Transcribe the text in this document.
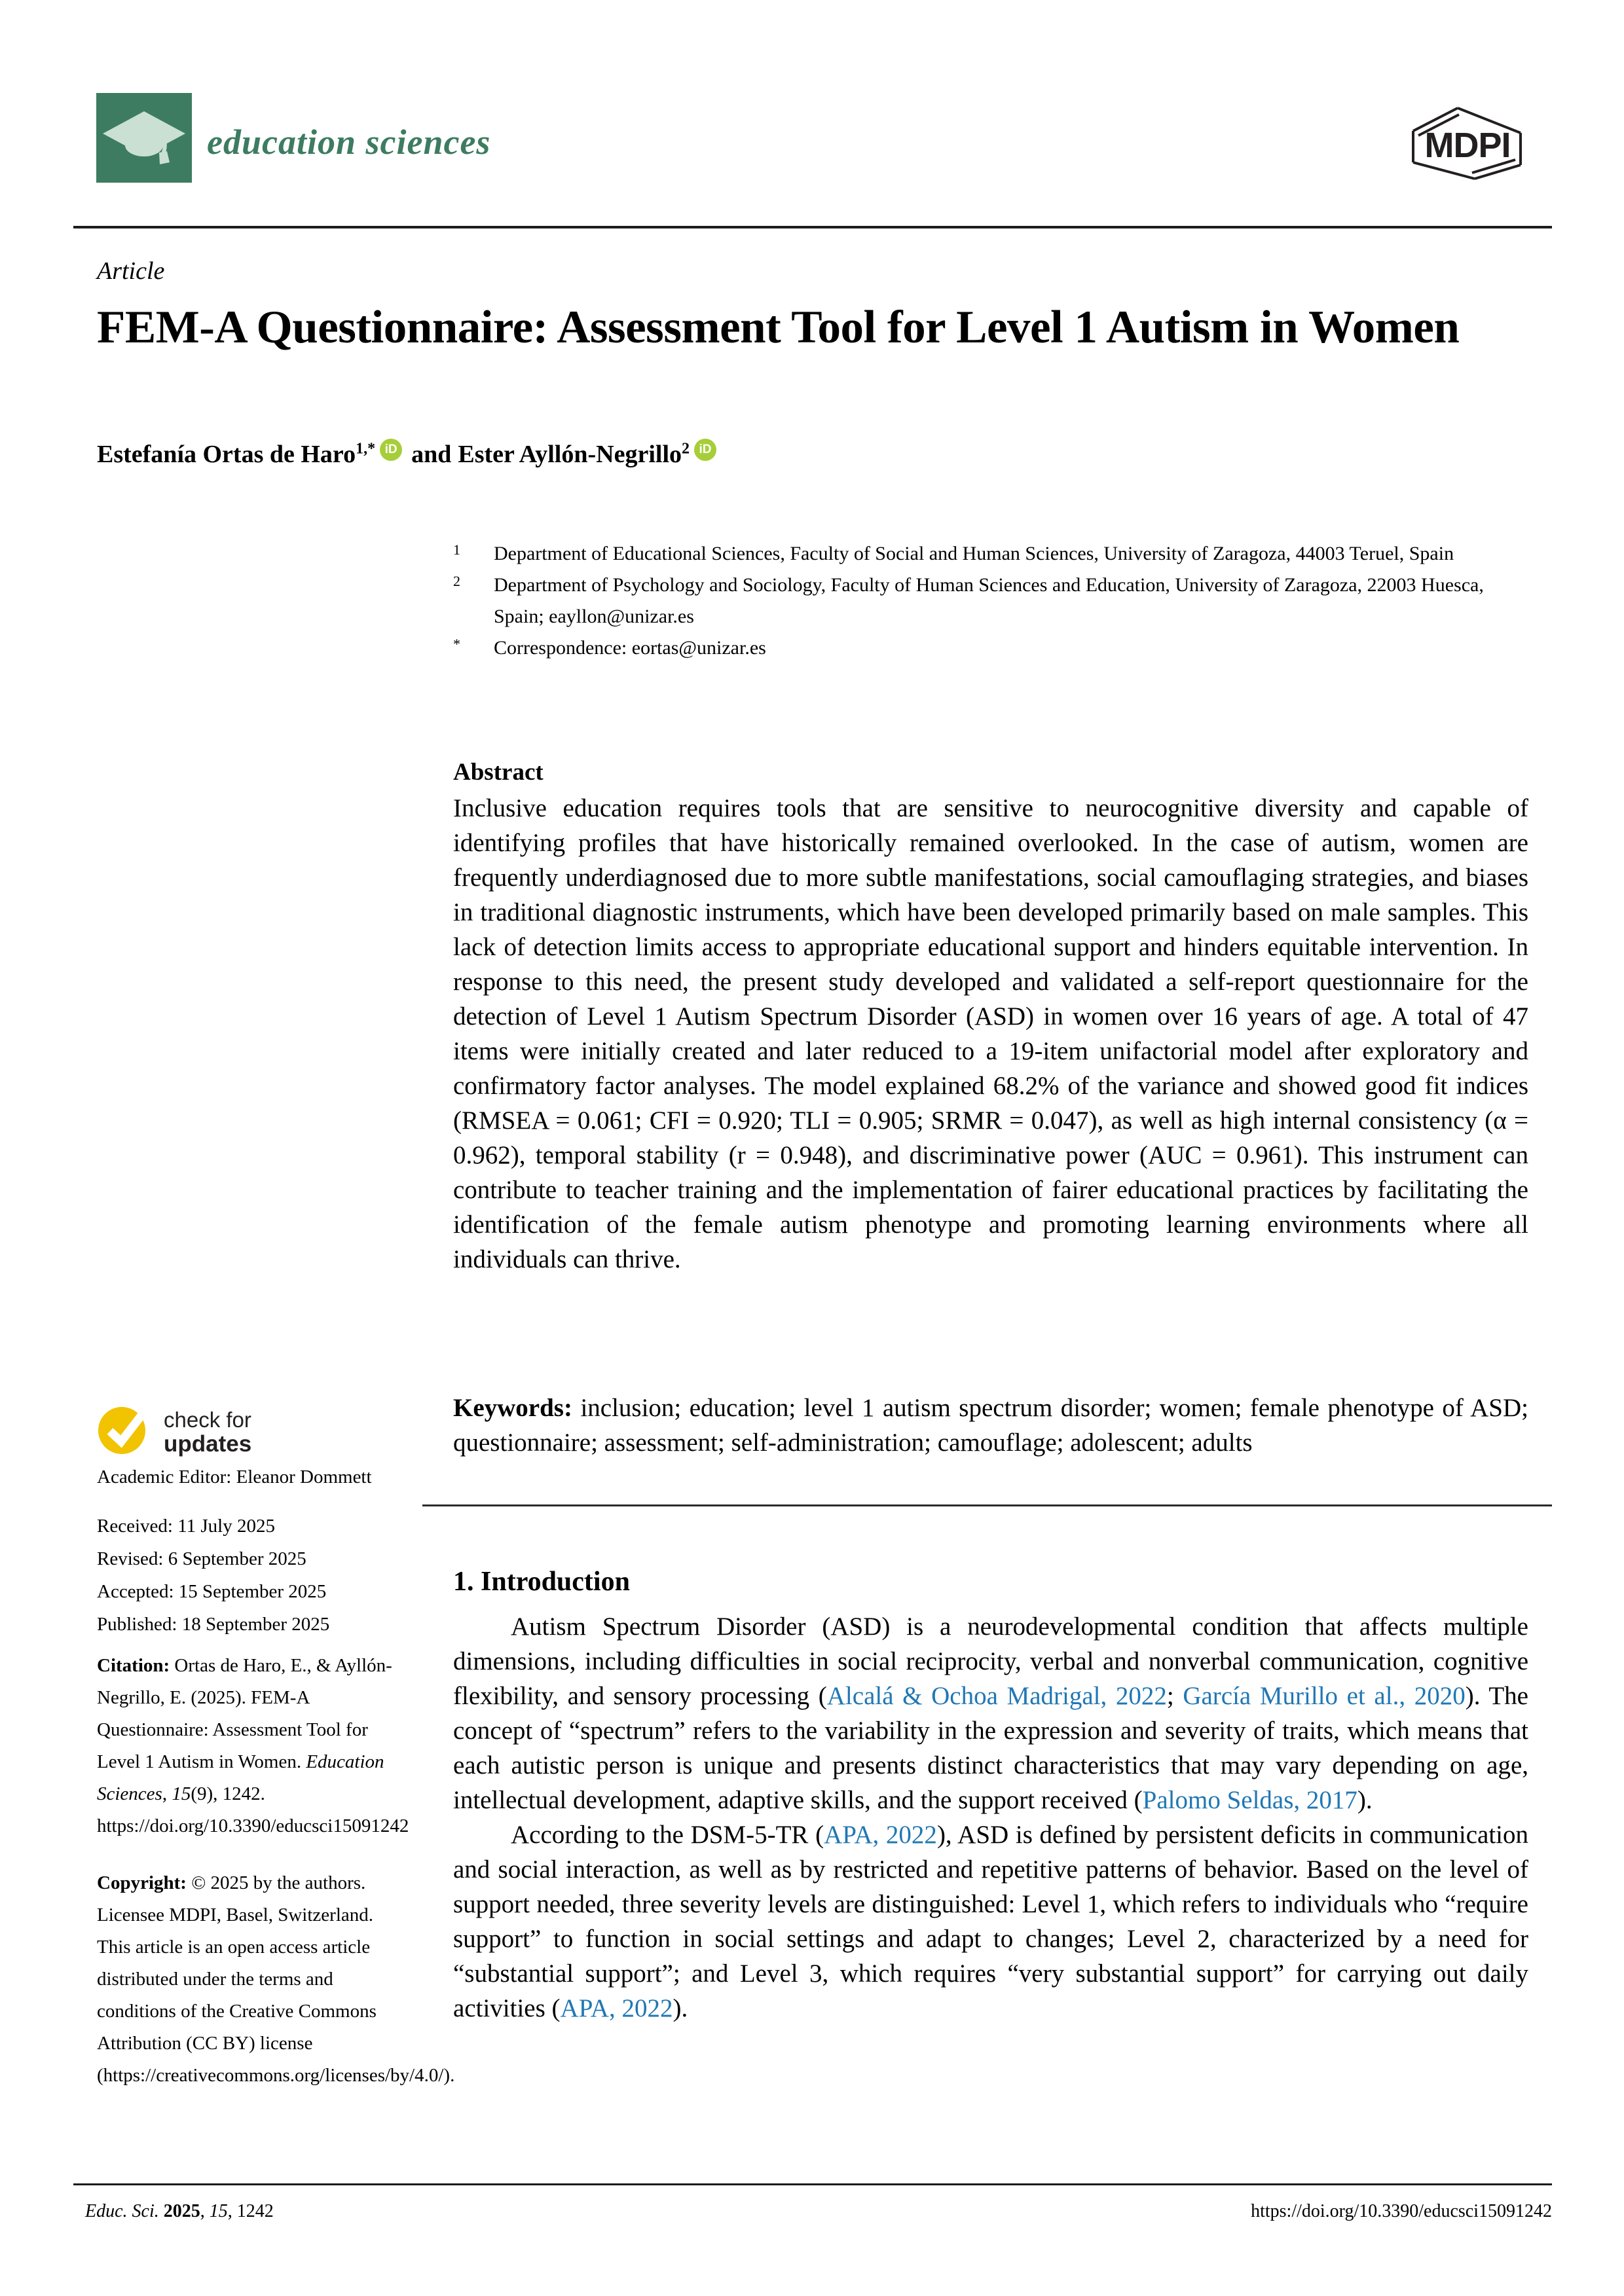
education sciences	MDPI
Article
FEM-A Questionnaire: Assessment Tool for Level 1 Autism in Women
Estefanía Ortas de Haro$^{1,*}$ iD and Ester Ayllón-Negrillo$^2$ iD
1	Department of Educational Sciences, Faculty of Social and Human Sciences, University of Zaragoza, 44003 Teruel, Spain
2	Department of Psychology and Sociology, Faculty of Human Sciences and Education, University of Zaragoza, 22003 Huesca, Spain; eayllon@unizar.es
*	Correspondence: eortas@unizar.es
Abstract
Inclusive education requires tools that are sensitive to neurocognitive diversity and capable of identifying profiles that have historically remained overlooked. In the case of autism, women are frequently underdiagnosed due to more subtle manifestations, social camouflaging strategies, and biases in traditional diagnostic instruments, which have been developed primarily based on male samples. This lack of detection limits access to appropriate educational support and hinders equitable intervention. In response to this need, the present study developed and validated a self-report questionnaire for the detection of Level 1 Autism Spectrum Disorder (ASD) in women over 16 years of age. A total of 47 items were initially created and later reduced to a 19-item unifactorial model after exploratory and confirmatory factor analyses. The model explained 68.2% of the variance and showed good fit indices (RMSEA = 0.061; CFI = 0.920; TLI = 0.905; SRMR = 0.047), as well as high internal consistency (α = 0.962), temporal stability (r = 0.948), and discriminative power (AUC = 0.961). This instrument can contribute to teacher training and the implementation of fairer educational practices by facilitating the identification of the female autism phenotype and promoting learning environments where all individuals can thrive.
Keywords: inclusion; education; level 1 autism spectrum disorder; women; female phenotype of ASD; questionnaire; assessment; self-administration; camouflage; adolescent; adults
check for
updates
Academic Editor: Eleanor Dommett
Received: 11 July 2025
Revised: 6 September 2025
Accepted: 15 September 2025
Published: 18 September 2025
Citation: Ortas de Haro, E., & Ayllón-Negrillo, E. (2025). FEM-A Questionnaire: Assessment Tool for Level 1 Autism in Women. Education Sciences, 15(9), 1242. https://doi.org/10.3390/educsci15091242
Copyright: © 2025 by the authors. Licensee MDPI, Basel, Switzerland. This article is an open access article distributed under the terms and conditions of the Creative Commons Attribution (CC BY) license (https://creativecommons.org/licenses/by/4.0/).
1. Introduction

Autism Spectrum Disorder (ASD) is a neurodevelopmental condition that affects multiple dimensions, including difficulties in social reciprocity, verbal and nonverbal communication, cognitive flexibility, and sensory processing (Alcalá & Ochoa Madrigal, 2022; García Murillo et al., 2020). The concept of “spectrum” refers to the variability in the expression and severity of traits, which means that each autistic person is unique and presents distinct characteristics that may vary depending on age, intellectual development, adaptive skills, and the support received (Palomo Seldas, 2017).

According to the DSM-5-TR (APA, 2022), ASD is defined by persistent deficits in communication and social interaction, as well as by restricted and repetitive patterns of behavior. Based on the level of support needed, three severity levels are distinguished: Level 1, which refers to individuals who “require support” to function in social settings and adapt to changes; Level 2, characterized by a need for “substantial support”; and Level 3, which requires “very substantial support” for carrying out daily activities (APA, 2022).

Educ. Sci. 2025, 15, 1242	https://doi.org/10.3390/educsci15091242
